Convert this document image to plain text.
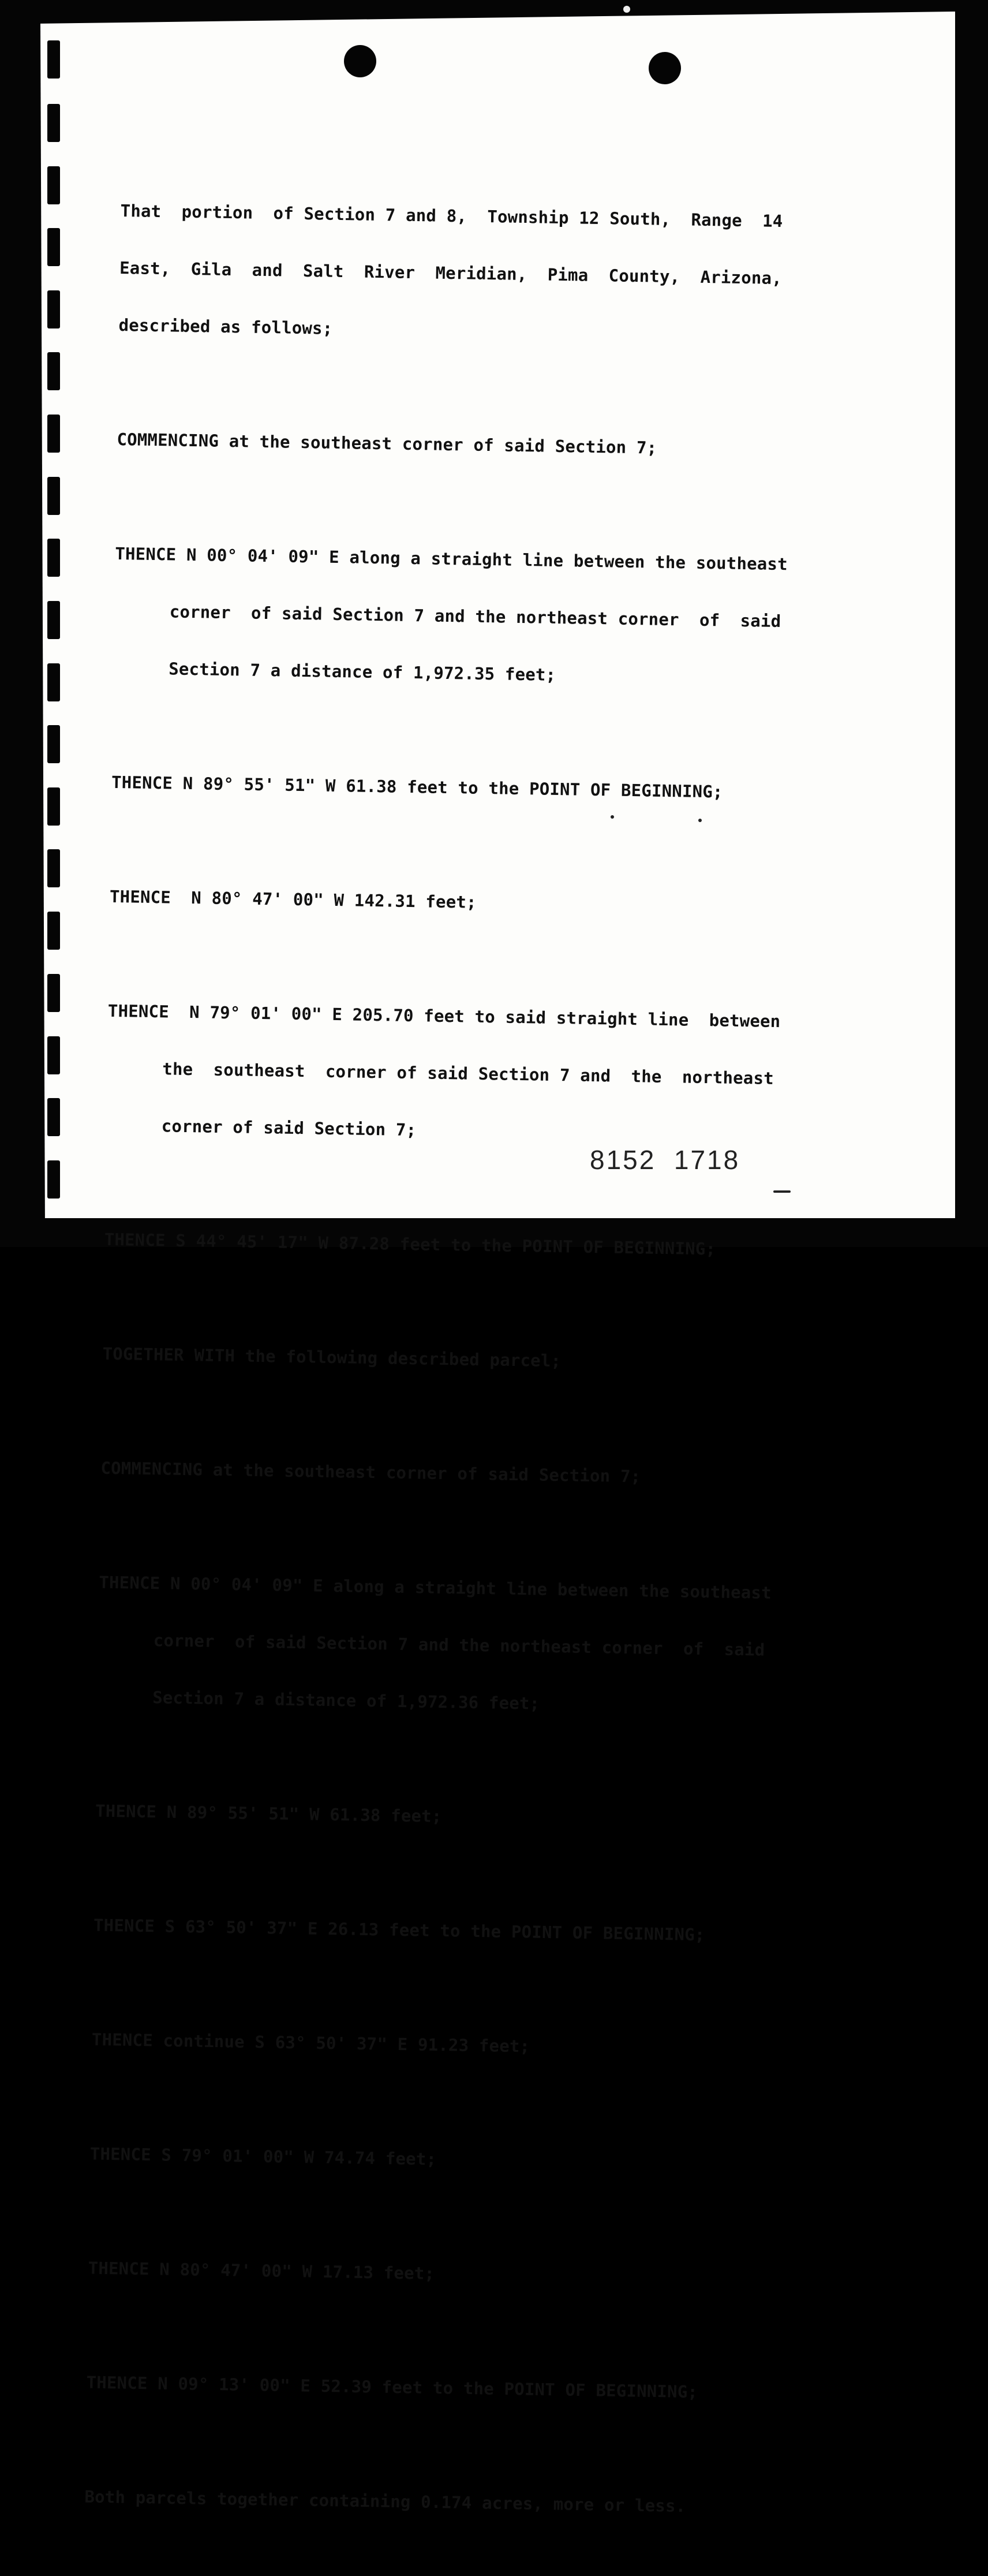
That  portion  of Section 7 and 8,  Township 12 South,  Range  14

East,  Gila  and  Salt  River  Meridian,  Pima  County,  Arizona,

described as follows;

COMMENCING at the southeast corner of said Section 7;

THENCE N 00° 04' 09" E along a straight line between the southeast

corner  of said Section 7 and the northeast corner  of  said

Section 7 a distance of 1,972.35 feet;

THENCE N 89° 55' 51" W 61.38 feet to the POINT OF BEGINNING;

THENCE  N 80° 47' 00" W 142.31 feet;

THENCE  N 79° 01' 00" E 205.70 feet to said straight line  between

the  southeast  corner of said Section 7 and  the  northeast

corner of said Section 7;

THENCE S 44° 45' 17" W 87.28 feet to the POINT OF BEGINNING;

TOGETHER WITH the following described parcel;

COMMENCING at the southeast corner of said Section 7;

THENCE N 00° 04' 09" E along a straight line between the southeast

corner  of said Section 7 and the northeast corner  of  said

Section 7 a distance of 1,972.36 feet;

THENCE N 89° 55' 51" W 61.38 feet;

THENCE S 63° 50' 37" E 26.13 feet to the POINT OF BEGINNING;

THENCE continue S 63° 50' 37" E 91.23 feet;

THENCE S 79° 01' 00" W 74.74 feet;

THENCE N 80° 47' 00" W 17.13 feet;

THENCE N 09° 13' 00" E 52.39 feet to the POINT OF BEGINNING;

Both parcels together containing 0.174 acres, more or less.

8152  1718
